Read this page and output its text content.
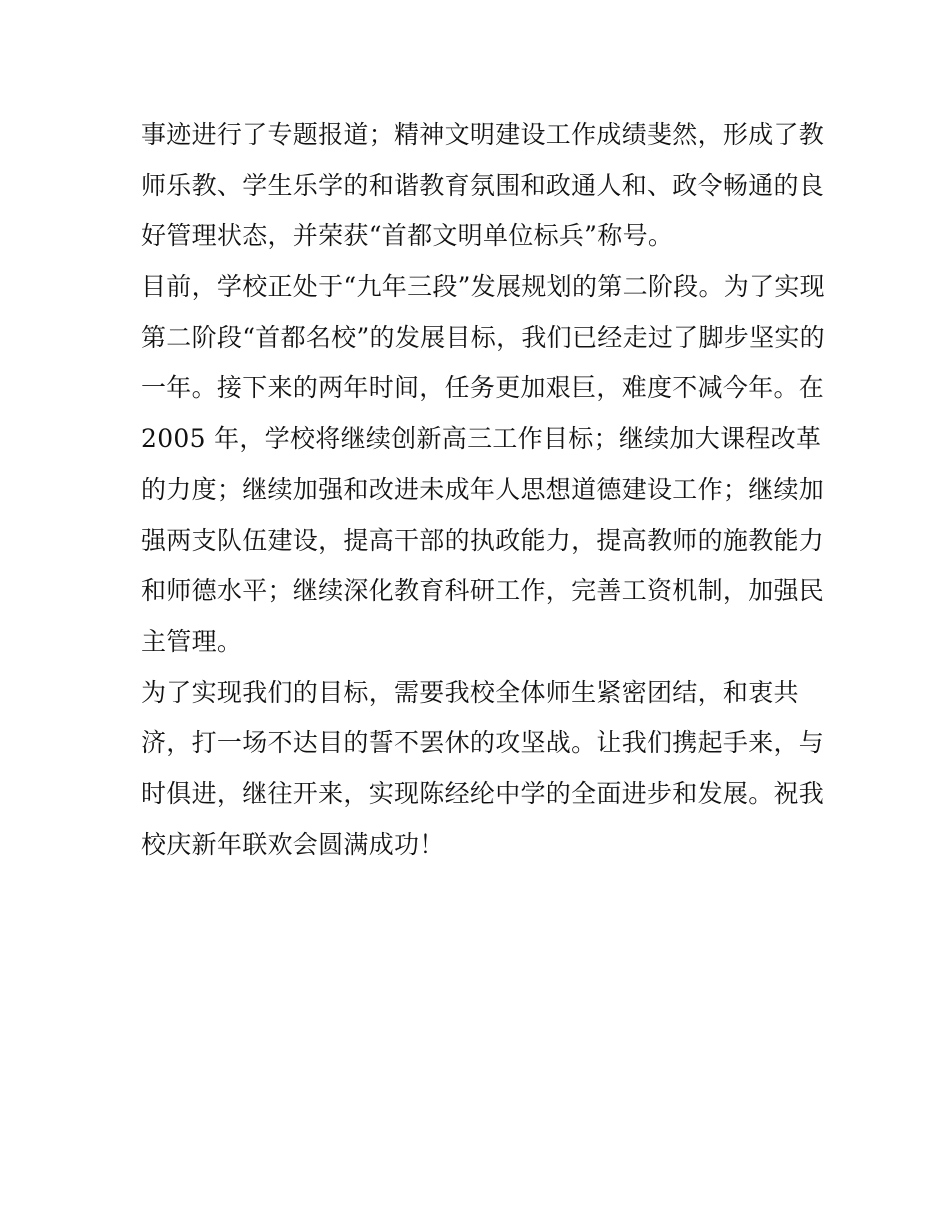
事迹进行了专题报道；精神文明建设工作成绩斐然，形成了教
师乐教、学生乐学的和谐教育氛围和政通人和、政令畅通的良
好管理状态，并荣获“首都文明单位标兵”称号。
目前，学校正处于“九年三段”发展规划的第二阶段。为了实现
第二阶段“首都名校”的发展目标，我们已经走过了脚步坚实的
一年。接下来的两年时间，任务更加艰巨，难度不减今年。在
2005 年，学校将继续创新高三工作目标；继续加大课程改革
的力度；继续加强和改进未成年人思想道德建设工作；继续加
强两支队伍建设，提高干部的执政能力，提高教师的施教能力
和师德水平；继续深化教育科研工作，完善工资机制，加强民
主管理。
为了实现我们的目标，需要我校全体师生紧密团结，和衷共
济，打一场不达目的誓不罢休的攻坚战。让我们携起手来，与
时俱进，继往开来，实现陈经纶中学的全面进步和发展。祝我
校庆新年联欢会圆满成功！
